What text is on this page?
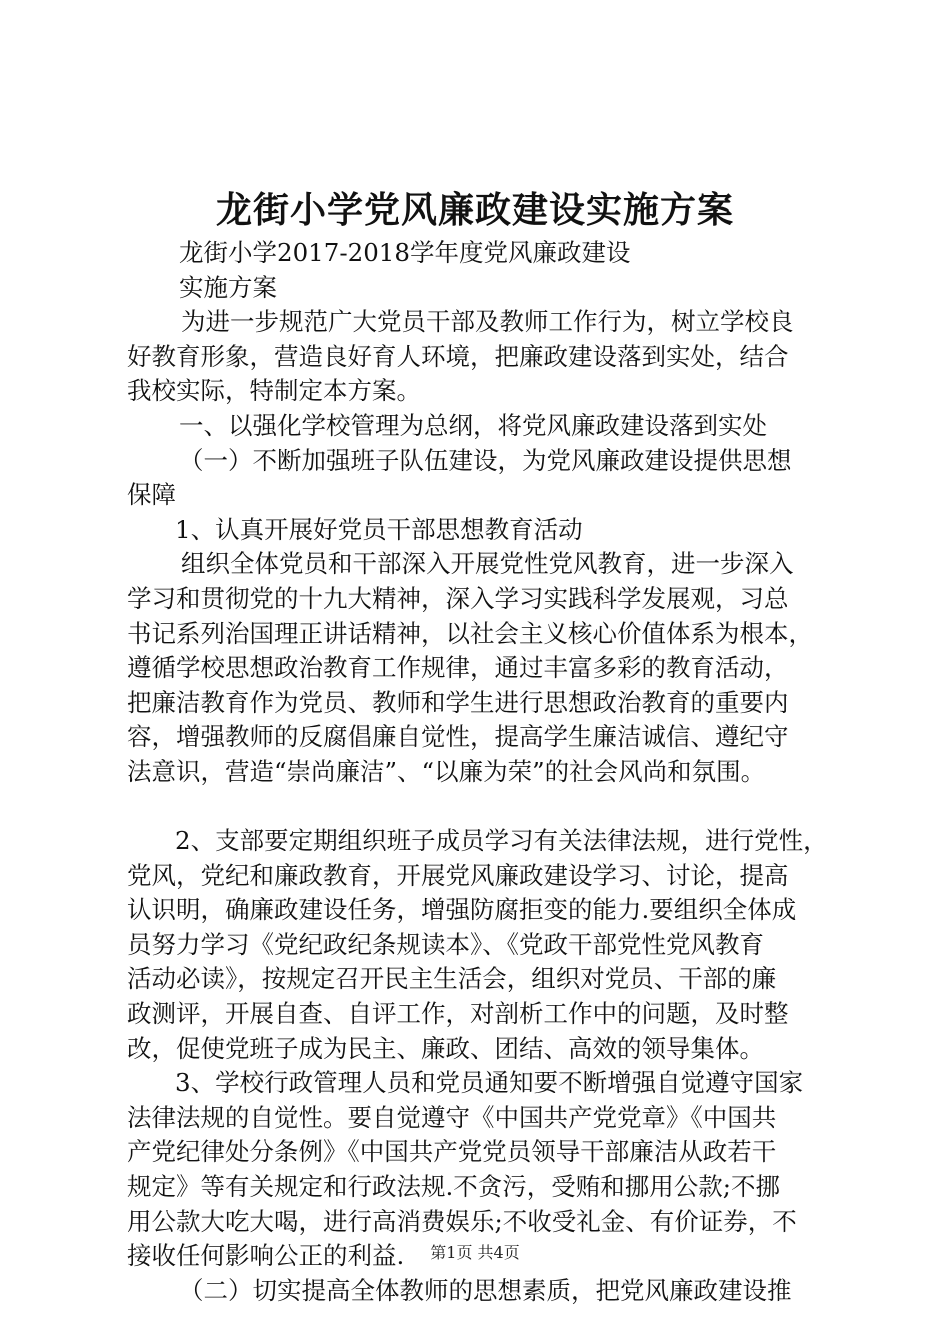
龙街小学党风廉政建设实施方案

龙街小学2017-2018学年度党风廉政建设

实施方案

为进一步规范广大党员干部及教师工作行为，树立学校良

好教育形象，营造良好育人环境，把廉政建设落到实处，结合

我校实际，特制定本方案。

一、以强化学校管理为总纲，将党风廉政建设落到实处

（一）不断加强班子队伍建设，为党风廉政建设提供思想

保障

1、认真开展好党员干部思想教育活动

组织全体党员和干部深入开展党性党风教育，进一步深入

学习和贯彻党的十九大精神，深入学习实践科学发展观，习总

书记系列治国理正讲话精神，以社会主义核心价值体系为根本，

遵循学校思想政治教育工作规律，通过丰富多彩的教育活动，

把廉洁教育作为党员、教师和学生进行思想政治教育的重要内

容，增强教师的反腐倡廉自觉性，提高学生廉洁诚信、遵纪守

法意识，营造“崇尚廉洁”、“以廉为荣”的社会风尚和氛围。

2、支部要定期组织班子成员学习有关法律法规，进行党性，

党风，党纪和廉政教育，开展党风廉政建设学习、讨论，提高

认识明，确廉政建设任务，增强防腐拒变的能力.要组织全体成

员努力学习《党纪政纪条规读本》、《党政干部党性党风教育

活动必读》，按规定召开民主生活会，组织对党员、干部的廉

政测评，开展自查、自评工作，对剖析工作中的问题，及时整

改，促使党班子成为民主、廉政、团结、高效的领导集体。

3、学校行政管理人员和党员通知要不断增强自觉遵守国家

法律法规的自觉性。要自觉遵守《中国共产党党章》《中国共

产党纪律处分条例》《中国共产党党员领导干部廉洁从政若干

规定》等有关规定和行政法规.不贪污，受贿和挪用公款;不挪

用公款大吃大喝，进行高消费娱乐;不收受礼金、有价证券，不

接收任何影响公正的利益.

（二）切实提高全体教师的思想素质，把党风廉政建设推

第1页 共4页
